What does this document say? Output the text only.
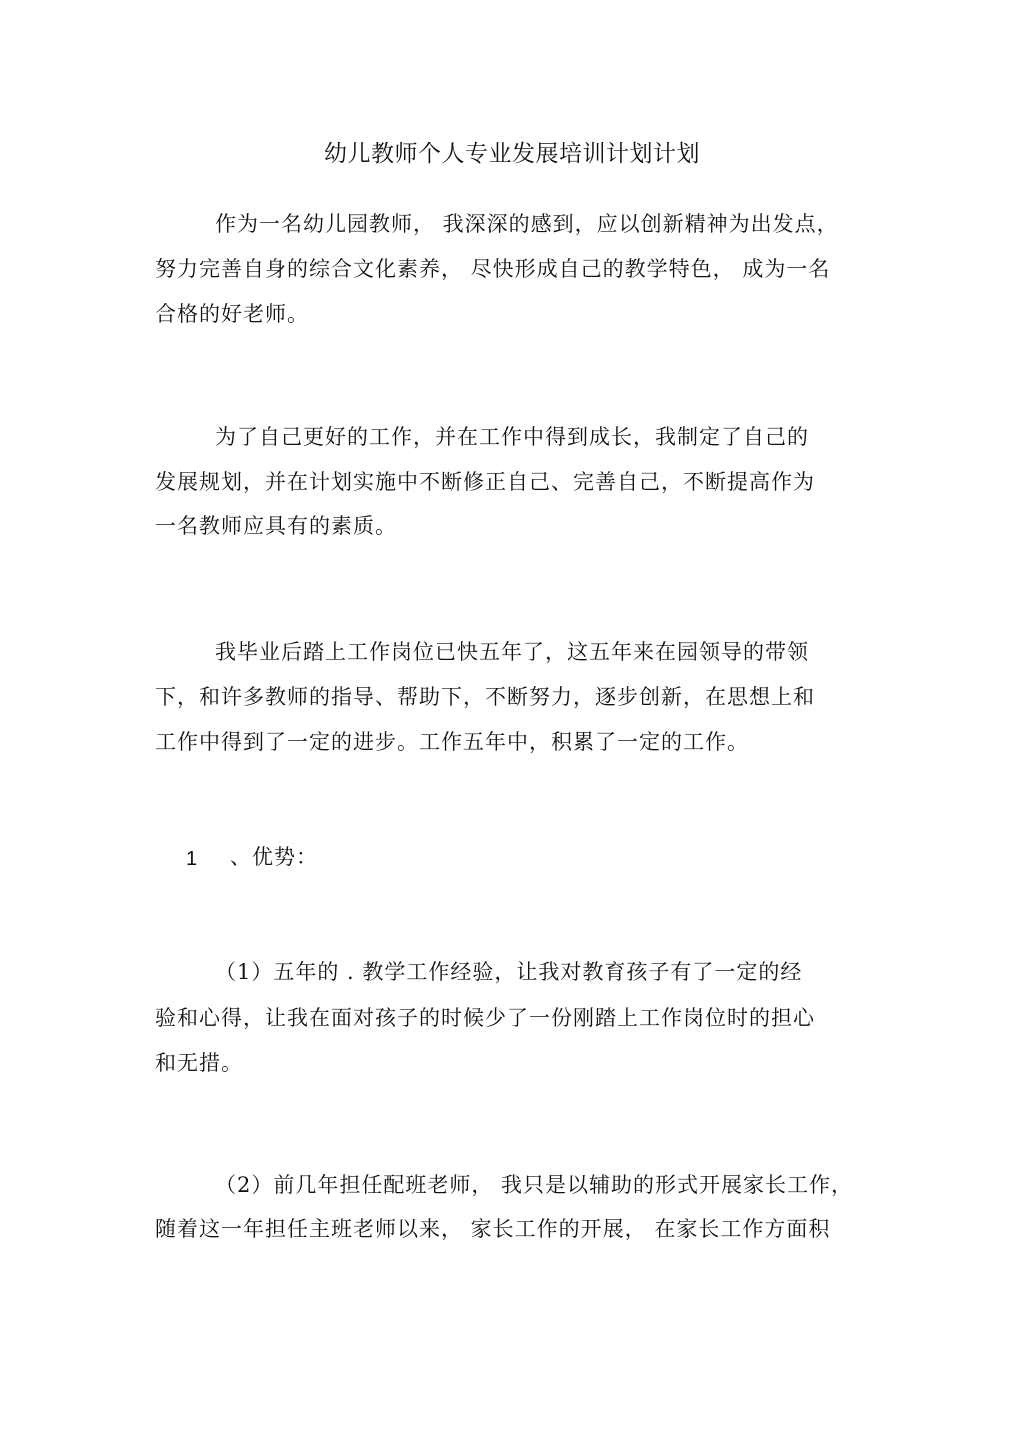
幼儿教师个人专业发展培训计划计划
作为一名幼儿园教师， 我深深的感到，应以创新精神为出发点，
努力完善自身的综合文化素养， 尽快形成自己的教学特色， 成为一名
合格的好老师。
为了自己更好的工作，并在工作中得到成长，我制定了自己的
发展规划，并在计划实施中不断修正自己、完善自己，不断提高作为
一名教师应具有的素质。
我毕业后踏上工作岗位已快五年了，这五年来在园领导的带领
下，和许多教师的指导、帮助下，不断努力，逐步创新，在思想上和
工作中得到了一定的进步。工作五年中，积累了一定的工作。
1 、优势：
（1）五年的 . 教学工作经验，让我对教育孩子有了一定的经
验和心得，让我在面对孩子的时候少了一份刚踏上工作岗位时的担心
和无措。
（2）前几年担任配班老师， 我只是以辅助的形式开展家长工作，
随着这一年担任主班老师以来， 家长工作的开展， 在家长工作方面积
